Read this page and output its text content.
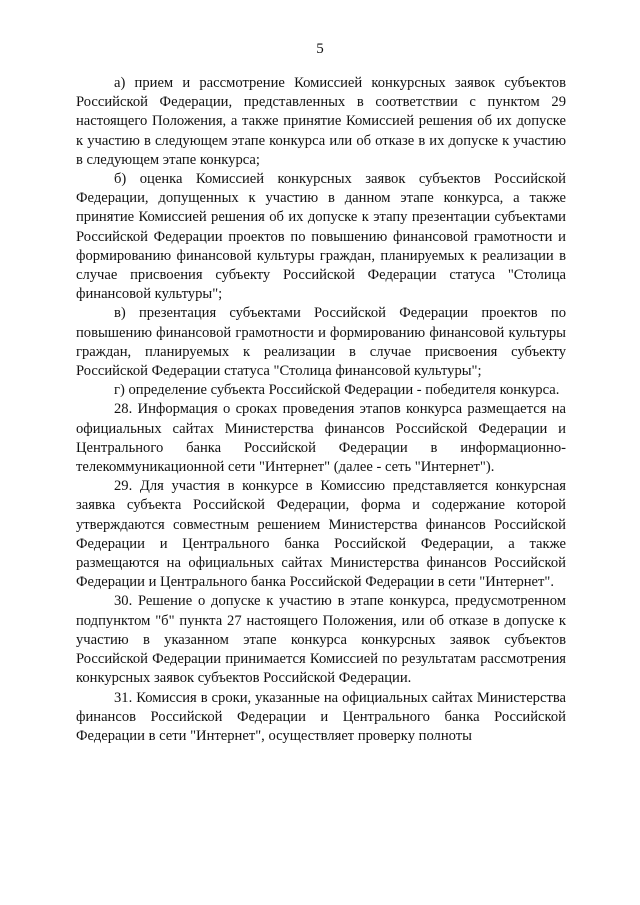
5

а) прием и рассмотрение Комиссией конкурсных заявок субъектов Российской Федерации, представленных в соответствии с пунктом 29 настоящего Положения, а также принятие Комиссией решения об их допуске к участию в следующем этапе конкурса или об отказе в их допуске к участию в следующем этапе конкурса;

б) оценка Комиссией конкурсных заявок субъектов Российской Федерации, допущенных к участию в данном этапе конкурса, а также принятие Комиссией решения об их допуске к этапу презентации субъектами Российской Федерации проектов по повышению финансовой грамотности и формированию финансовой культуры граждан, планируемых к реализации в случае присвоения субъекту Российской Федерации статуса "Столица финансовой культуры";

в) презентация субъектами Российской Федерации проектов по повышению финансовой грамотности и формированию финансовой культуры граждан, планируемых к реализации в случае присвоения субъекту Российской Федерации статуса "Столица финансовой культуры";

г) определение субъекта Российской Федерации - победителя конкурса.

28. Информация о сроках проведения этапов конкурса размещается на официальных сайтах Министерства финансов Российской Федерации и Центрального банка Российской Федерации в информационно-телекоммуникационной сети "Интернет" (далее - сеть "Интернет").

29. Для участия в конкурсе в Комиссию представляется конкурсная заявка субъекта Российской Федерации, форма и содержание которой утверждаются совместным решением Министерства финансов Российской Федерации и Центрального банка Российской Федерации, а также размещаются на официальных сайтах Министерства финансов Российской Федерации и Центрального банка Российской Федерации в сети "Интернет".

30. Решение о допуске к участию в этапе конкурса, предусмотренном подпунктом "б" пункта 27 настоящего Положения, или об отказе в допуске к участию в указанном этапе конкурса конкурсных заявок субъектов Российской Федерации принимается Комиссией по результатам рассмотрения конкурсных заявок субъектов Российской Федерации.

31. Комиссия в сроки, указанные на официальных сайтах Министерства финансов Российской Федерации и Центрального банка Российской Федерации в сети "Интернет", осуществляет проверку полноты
